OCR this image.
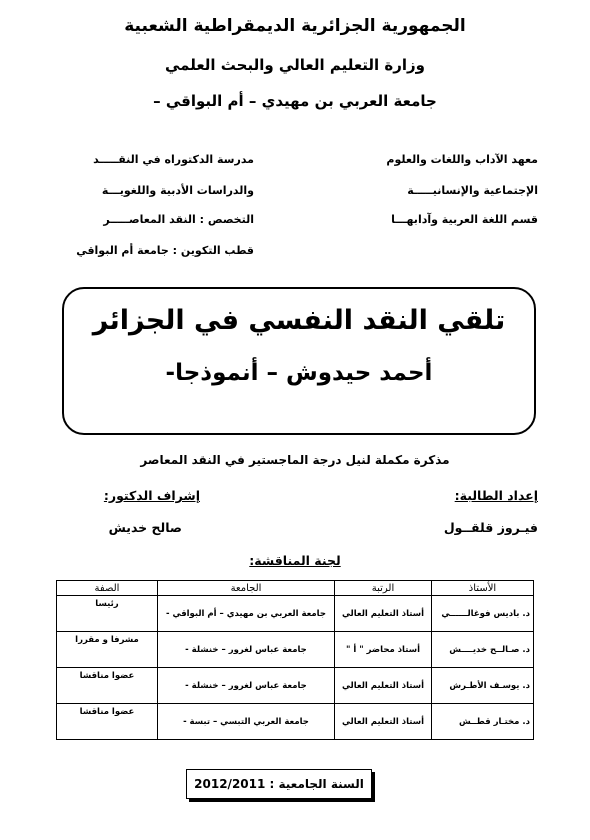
الجمهورية الجزائرية الديمقراطية الشعبية
وزارة التعليم العالي والبحث العلمي
جامعة العربي بن مهيدي – أم البواقي –
معهد الآداب واللغات والعلوم
الإجتماعية والإنسانيـــــة
قسم اللغة العربية وآدابهـــا
مدرسة الدكتوراه في النقـــــد
والدراسات الأدبية واللغويـــة
التخصص : النقد المعاصـــــر
قطب التكوين : جامعة أم البواقي
تلقي النقد النفسي في الجزائر
أحمد حيدوش – أنموذجا-
مذكرة مكملة لنيل درجة الماجستير في النقد المعاصر
إعداد الطالبة:
فيـروز قلقــول
إشراف الدكتور:
صالح خديش
لجنة المناقشة:
الأستاذ	الرتبة	الجامعة	الصفة
د. باديس فوغالــــــي	أستاذ التعليم العالي	جامعة العربي بن مهيدي – أم البواقي -	رئيسا
د. صـالــح خديــــش	أستاذ محاضر " أ "	جامعة عباس لغرور – خنشلة -	مشرفا و مقررا
د. يوسـف الأطـرش	أستاذ التعليم العالي	جامعة عباس لغرور – خنشلة -	عضوا مناقشا
د. مختـار قطــش	أستاذ التعليم العالي	جامعة العربي التبسي – تبسة -	عضوا مناقشا
السنة الجامعية : 2012/2011
